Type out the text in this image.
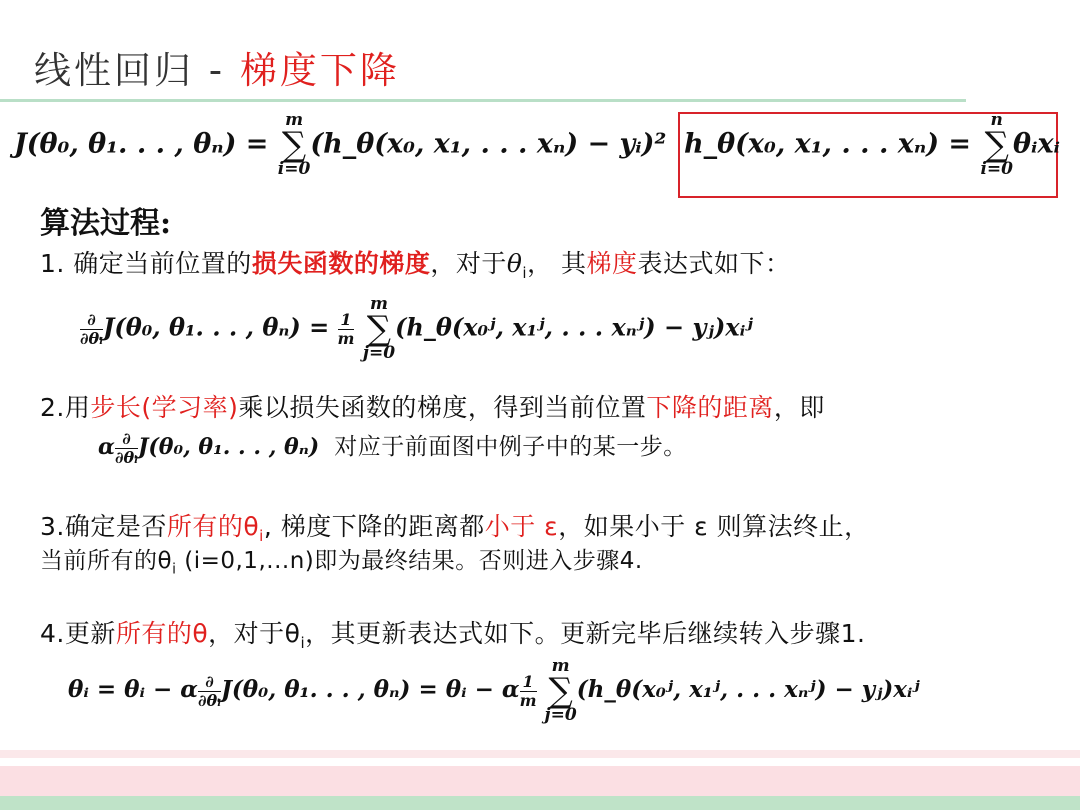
线性回归 - 梯度下降
J(θ₀, θ₁. . . , θₙ) =
m
∑
i=0
(h_θ(x₀, x₁, . . . xₙ) − yᵢ)² h_θ(x₀, x₁, . . . xₙ) =
n
∑
i=0
θᵢxᵢ
算法过程:
1. 确定当前位置的损失函数的梯度，对于$\theta_i$， 其梯度表达式如下：
$\frac{\partial}{\text{∂θᵢ}} J(\theta_0$, θ₁. . . , $\theta_n) = \frac{1}{m}$

m
∑
j=0
(h_θ(x₀ʲ, x₁ʲ, . . . xₙʲ) − yⱼ)xᵢʲ
2.用步长(学习率)乘以损失函数的梯度，得到当前位置下降的距离，即
α $\frac{\partial}{\text{∂θᵢ}} J(\theta_0$, θ₁. . . , θₙ) 对应于前面图中例子中的某一步。
3.确定是否所有的$\theta_i$, 梯度下降的距离都小于 ε，如果小于 ε 则算法终止，
当前所有的$\theta_i$ (i=0,1,...n)即为最终结果。否则进入步骤4.
4.更新所有的θ，对于$\theta_i$，其更新表达式如下。更新完毕后继续转入步骤1.
θᵢ = θᵢ − α $\frac{\partial}{\text{∂θᵢ}} J(\theta_0$, θ₁. . . , θₙ) = θᵢ − α $\frac{1}{m}$

m
∑
j=0
(h_θ(x₀ʲ, x₁ʲ, . . . xₙʲ) − yⱼ)xᵢʲ
